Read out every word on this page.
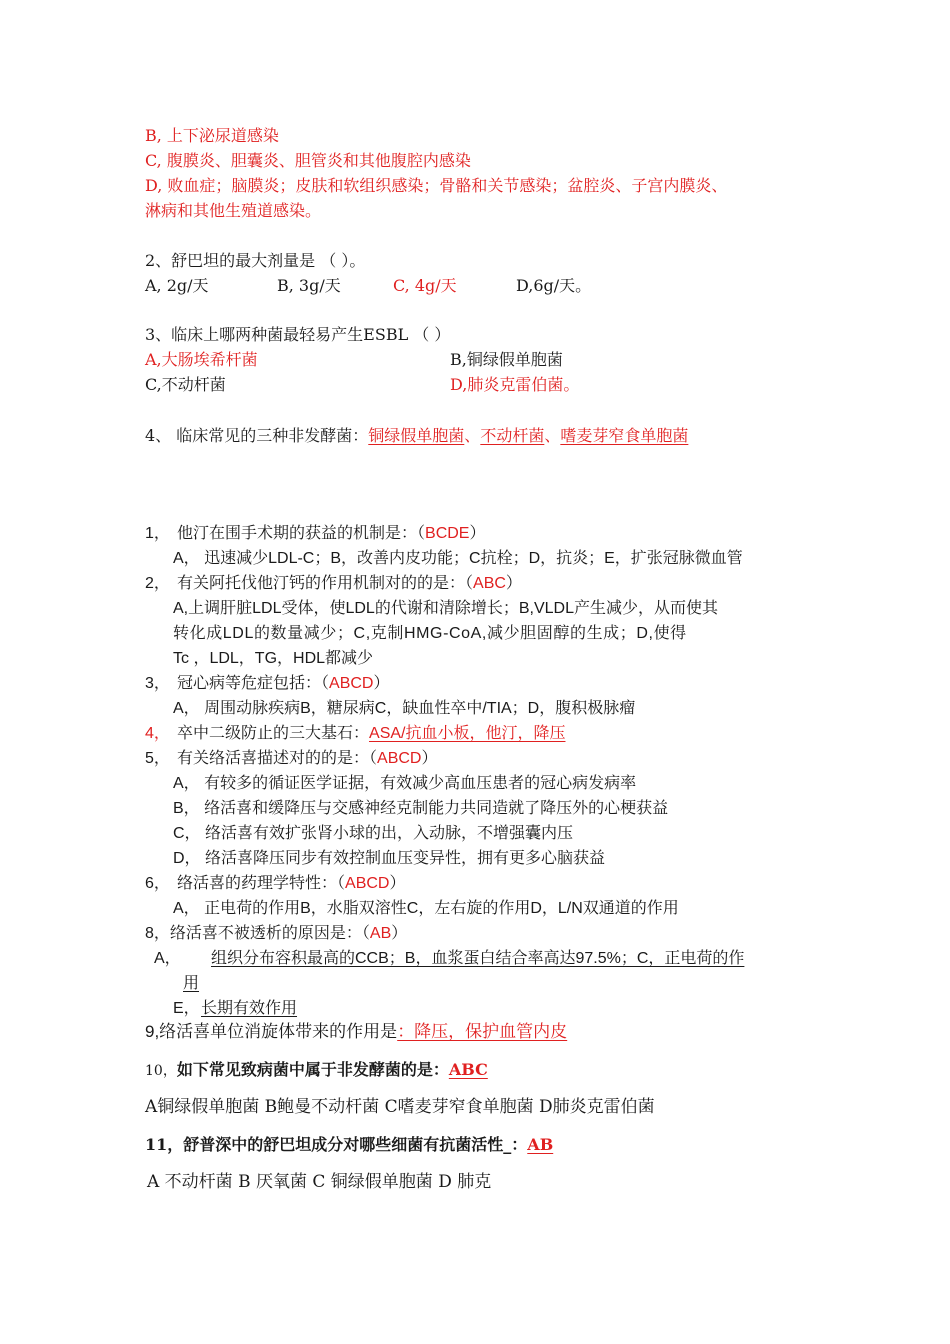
B, 上下泌尿道感染
C, 腹膜炎、胆囊炎、胆管炎和其他腹腔内感染
D, 败血症；脑膜炎；皮肤和软组织感染；骨骼和关节感染；盆腔炎、子宫内膜炎、
淋病和其他生殖道感染。
2、舒巴坦的最大剂量是 （ ）。
A, 2g/天	B, 3g/天	C, 4g/天	D,6g/天。
3、临床上哪两种菌最轻易产生ESBL （ ）
A,大肠埃希杆菌	B,铜绿假单胞菌
C,不动杆菌	D,肺炎克雷伯菌。
4、 临床常见的三种非发酵菌：铜绿假单胞菌、不动杆菌、嗜麦芽窄食单胞菌
1， 他汀在围手术期的获益的机制是：（BCDE）
A， 迅速减少LDL-C；B，改善内皮功能；C抗栓；D，抗炎；E，扩张冠脉微血管
2， 有关阿托伐他汀钙的作用机制对的的是：（ABC）
A,上调肝脏LDL受体，使LDL的代谢和清除增长；B,VLDL产生减少，从而使其
转化成LDL的数量减少；C,克制HMG-CoA,减少胆固醇的生成；D,使得
Tc ，LDL，TG，HDL都减少
3， 冠心病等危症包括：（ABCD）
A， 周围动脉疾病B，糖尿病C，缺血性卒中/TIA；D，腹积极脉瘤
4， 卒中二级防止的三大基石：ASA/抗血小板，他汀，降压
5， 有关络活喜描述对的的是：（ABCD）
A， 有较多的循证医学证据，有效减少高血压患者的冠心病发病率
B， 络活喜和缓降压与交感神经克制能力共同造就了降压外的心梗获益
C， 络活喜有效扩张肾小球的出，入动脉，不增强囊内压
D， 络活喜降压同步有效控制血压变异性，拥有更多心脑获益
6， 络活喜的药理学特性：（ABCD）
A， 正电荷的作用B，水脂双溶性C，左右旋的作用D，L/N双通道的作用
8，络活喜不被透析的原因是：（AB）
A， 组织分布容积最高的CCB；B，血浆蛋白结合率高达97.5%；C，正电荷的作
用
E，长期有效作用
9,络活喜单位消旋体带来的作用是：降压，保护血管内皮
10，如下常见致病菌中属于非发酵菌的是：ABC
A铜绿假单胞菌 B鲍曼不动杆菌 C嗜麦芽窄食单胞菌 D肺炎克雷伯菌
11，舒普深中的舒巴坦成分对哪些细菌有抗菌活性_：AB
A 不动杆菌 B 厌氧菌 C 铜绿假单胞菌 D 肺克
